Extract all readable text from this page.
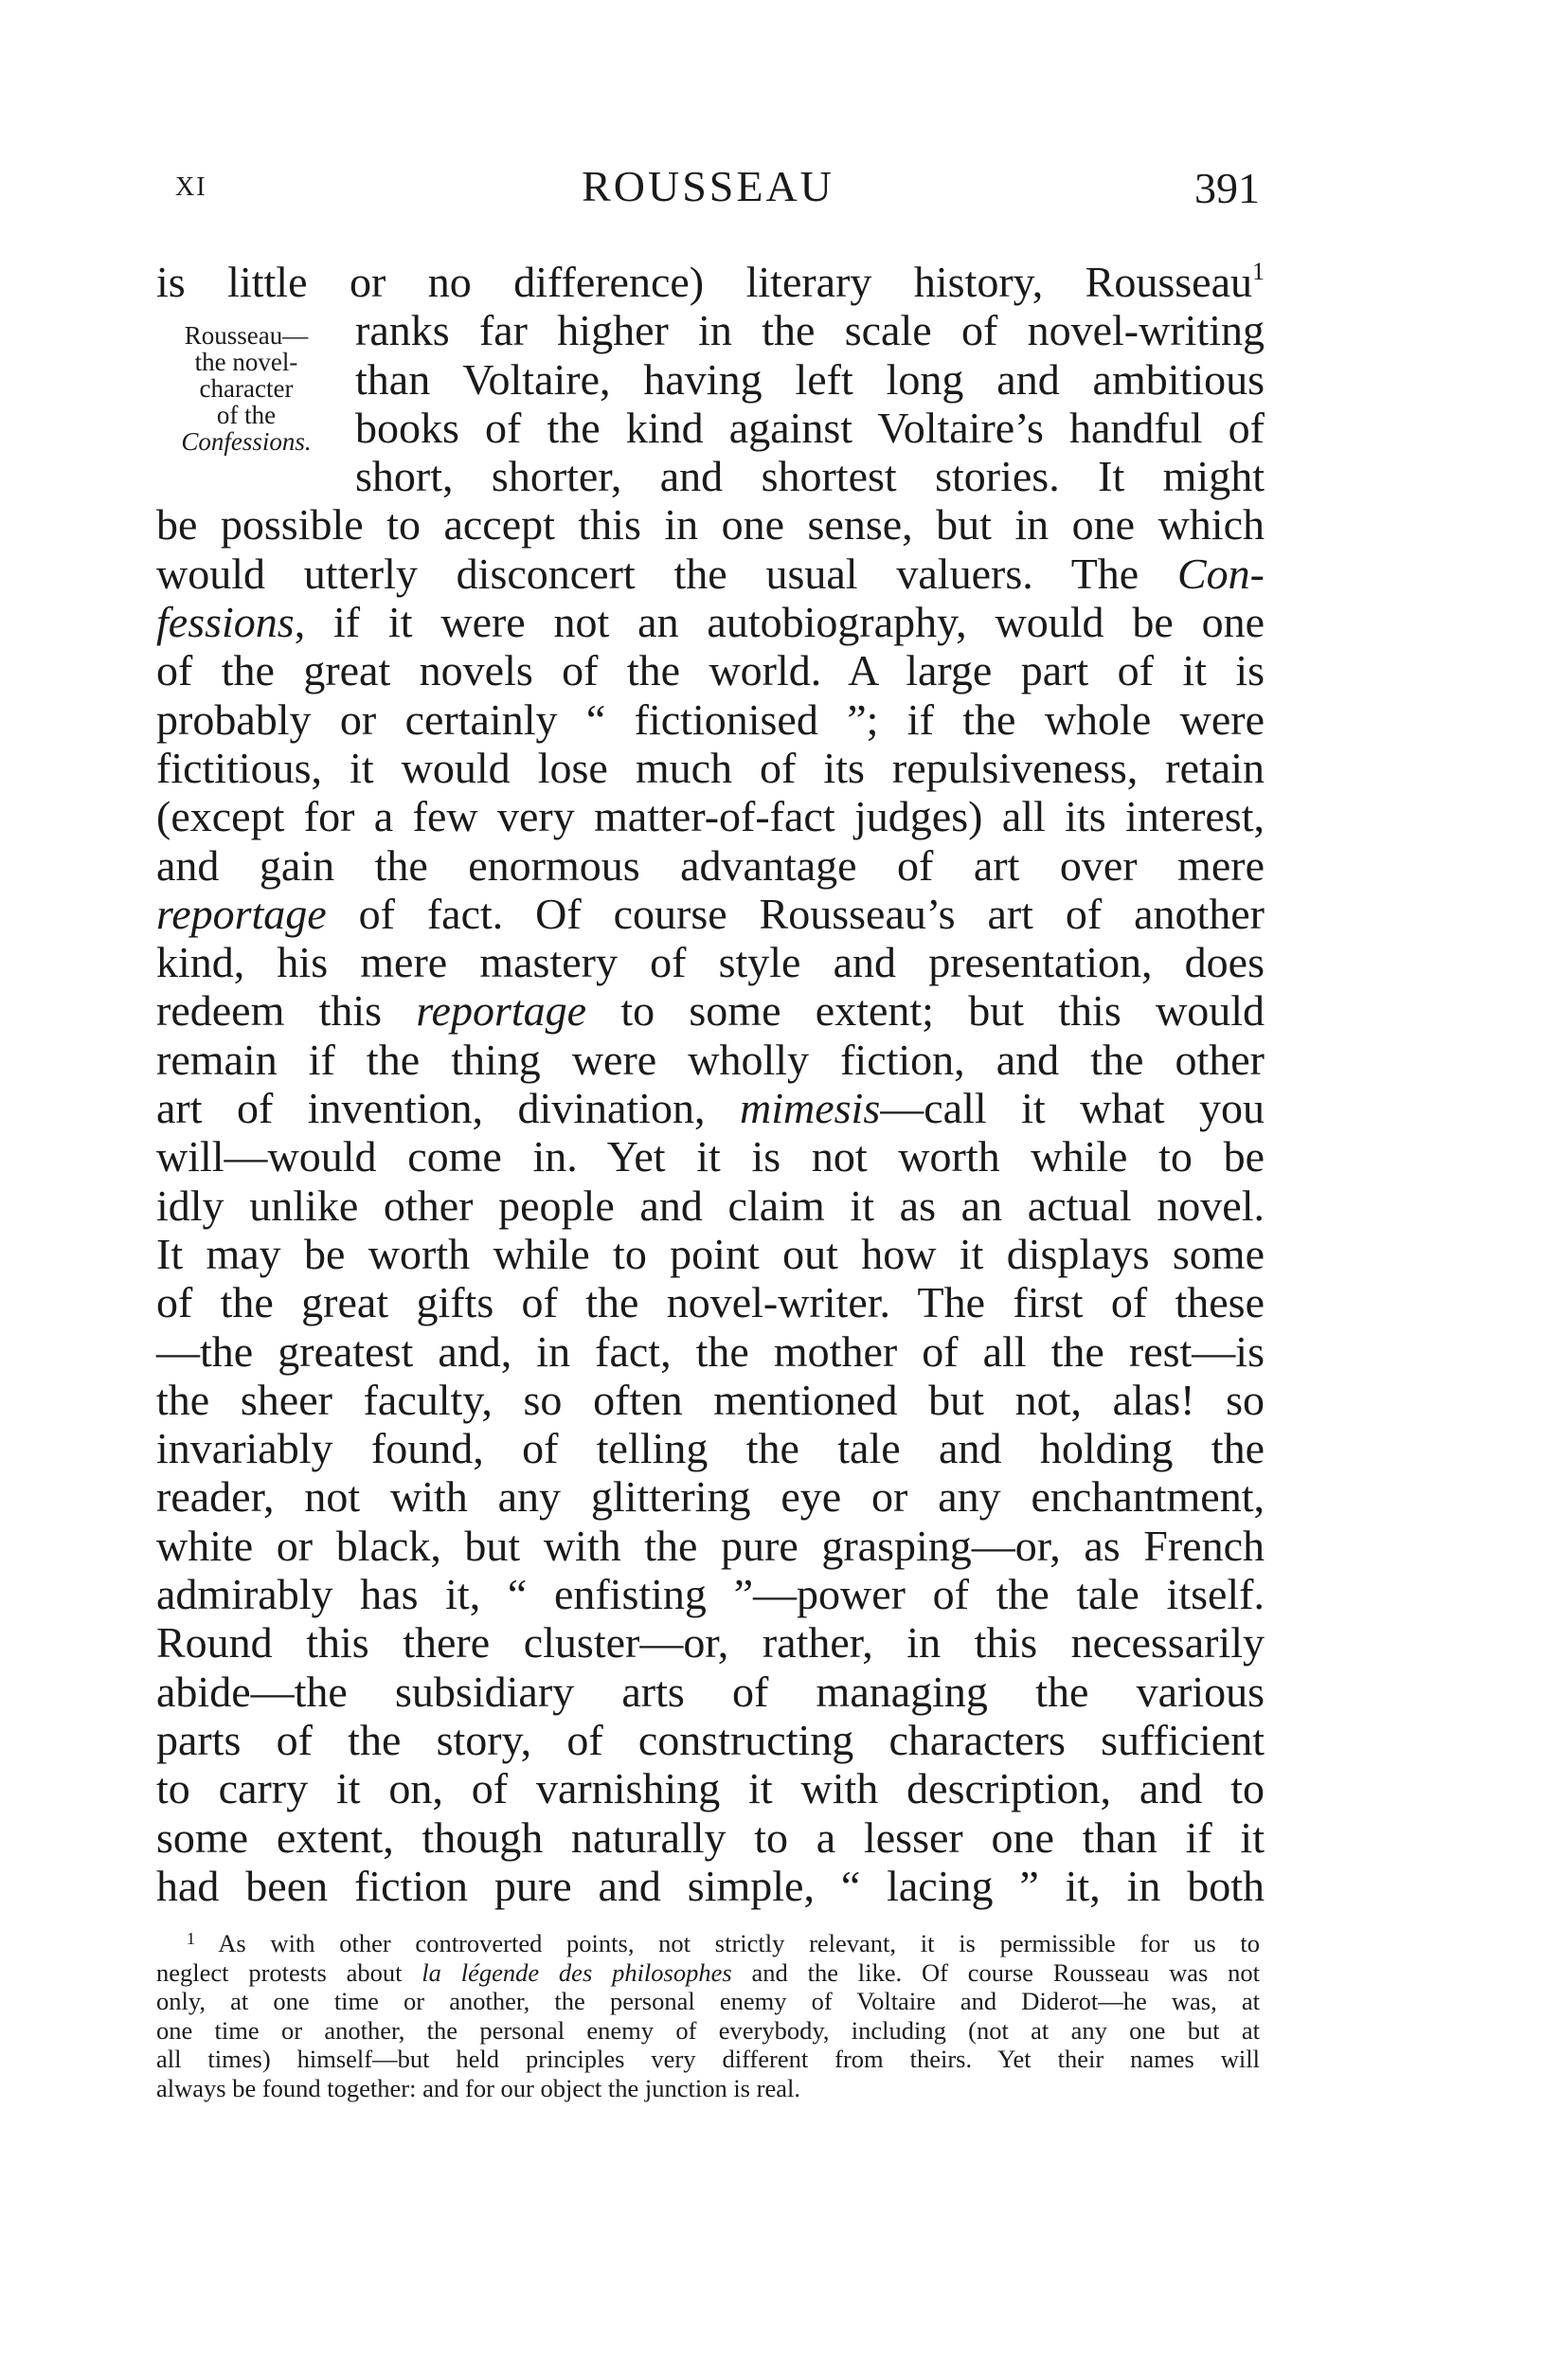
XI	ROUSSEAU	391
Rousseau—
the novel-
character
of the
Confessions.
is little or no difference) literary history, Rousseau$^1$
ranks far higher in the scale of novel-writing
than Voltaire, having left long and ambitious
books of the kind against Voltaire’s handful of
short, shorter, and shortest stories. It might
be possible to accept this in one sense, but in one which
would utterly disconcert the usual valuers. The Con-
fessions, if it were not an autobiography, would be one
of the great novels of the world. A large part of it is
probably or certainly “ fictionised ”; if the whole were
fictitious, it would lose much of its repulsiveness, retain
(except for a few very matter-of-fact judges) all its interest,
and gain the enormous advantage of art over mere
reportage of fact. Of course Rousseau’s art of another
kind, his mere mastery of style and presentation, does
redeem this reportage to some extent; but this would
remain if the thing were wholly fiction, and the other
art of invention, divination, mimesis—call it what you
will—would come in. Yet it is not worth while to be
idly unlike other people and claim it as an actual novel.
It may be worth while to point out how it displays some
of the great gifts of the novel-writer. The first of these
—the greatest and, in fact, the mother of all the rest—is
the sheer faculty, so often mentioned but not, alas! so
invariably found, of telling the tale and holding the
reader, not with any glittering eye or any enchantment,
white or black, but with the pure grasping—or, as French
admirably has it, “ enfisting ”—power of the tale itself.
Round this there cluster—or, rather, in this necessarily
abide—the subsidiary arts of managing the various
parts of the story, of constructing characters sufficient
to carry it on, of varnishing it with description, and to
some extent, though naturally to a lesser one than if it
had been fiction pure and simple, “ lacing ” it, in both
$^1$ As with other controverted points, not strictly relevant, it is permissible for us to
neglect protests about la légende des philosophes and the like. Of course Rousseau was not
only, at one time or another, the personal enemy of Voltaire and Diderot—he was, at
one time or another, the personal enemy of everybody, including (not at any one but at
all times) himself—but held principles very different from theirs. Yet their names will
always be found together: and for our object the junction is real.
